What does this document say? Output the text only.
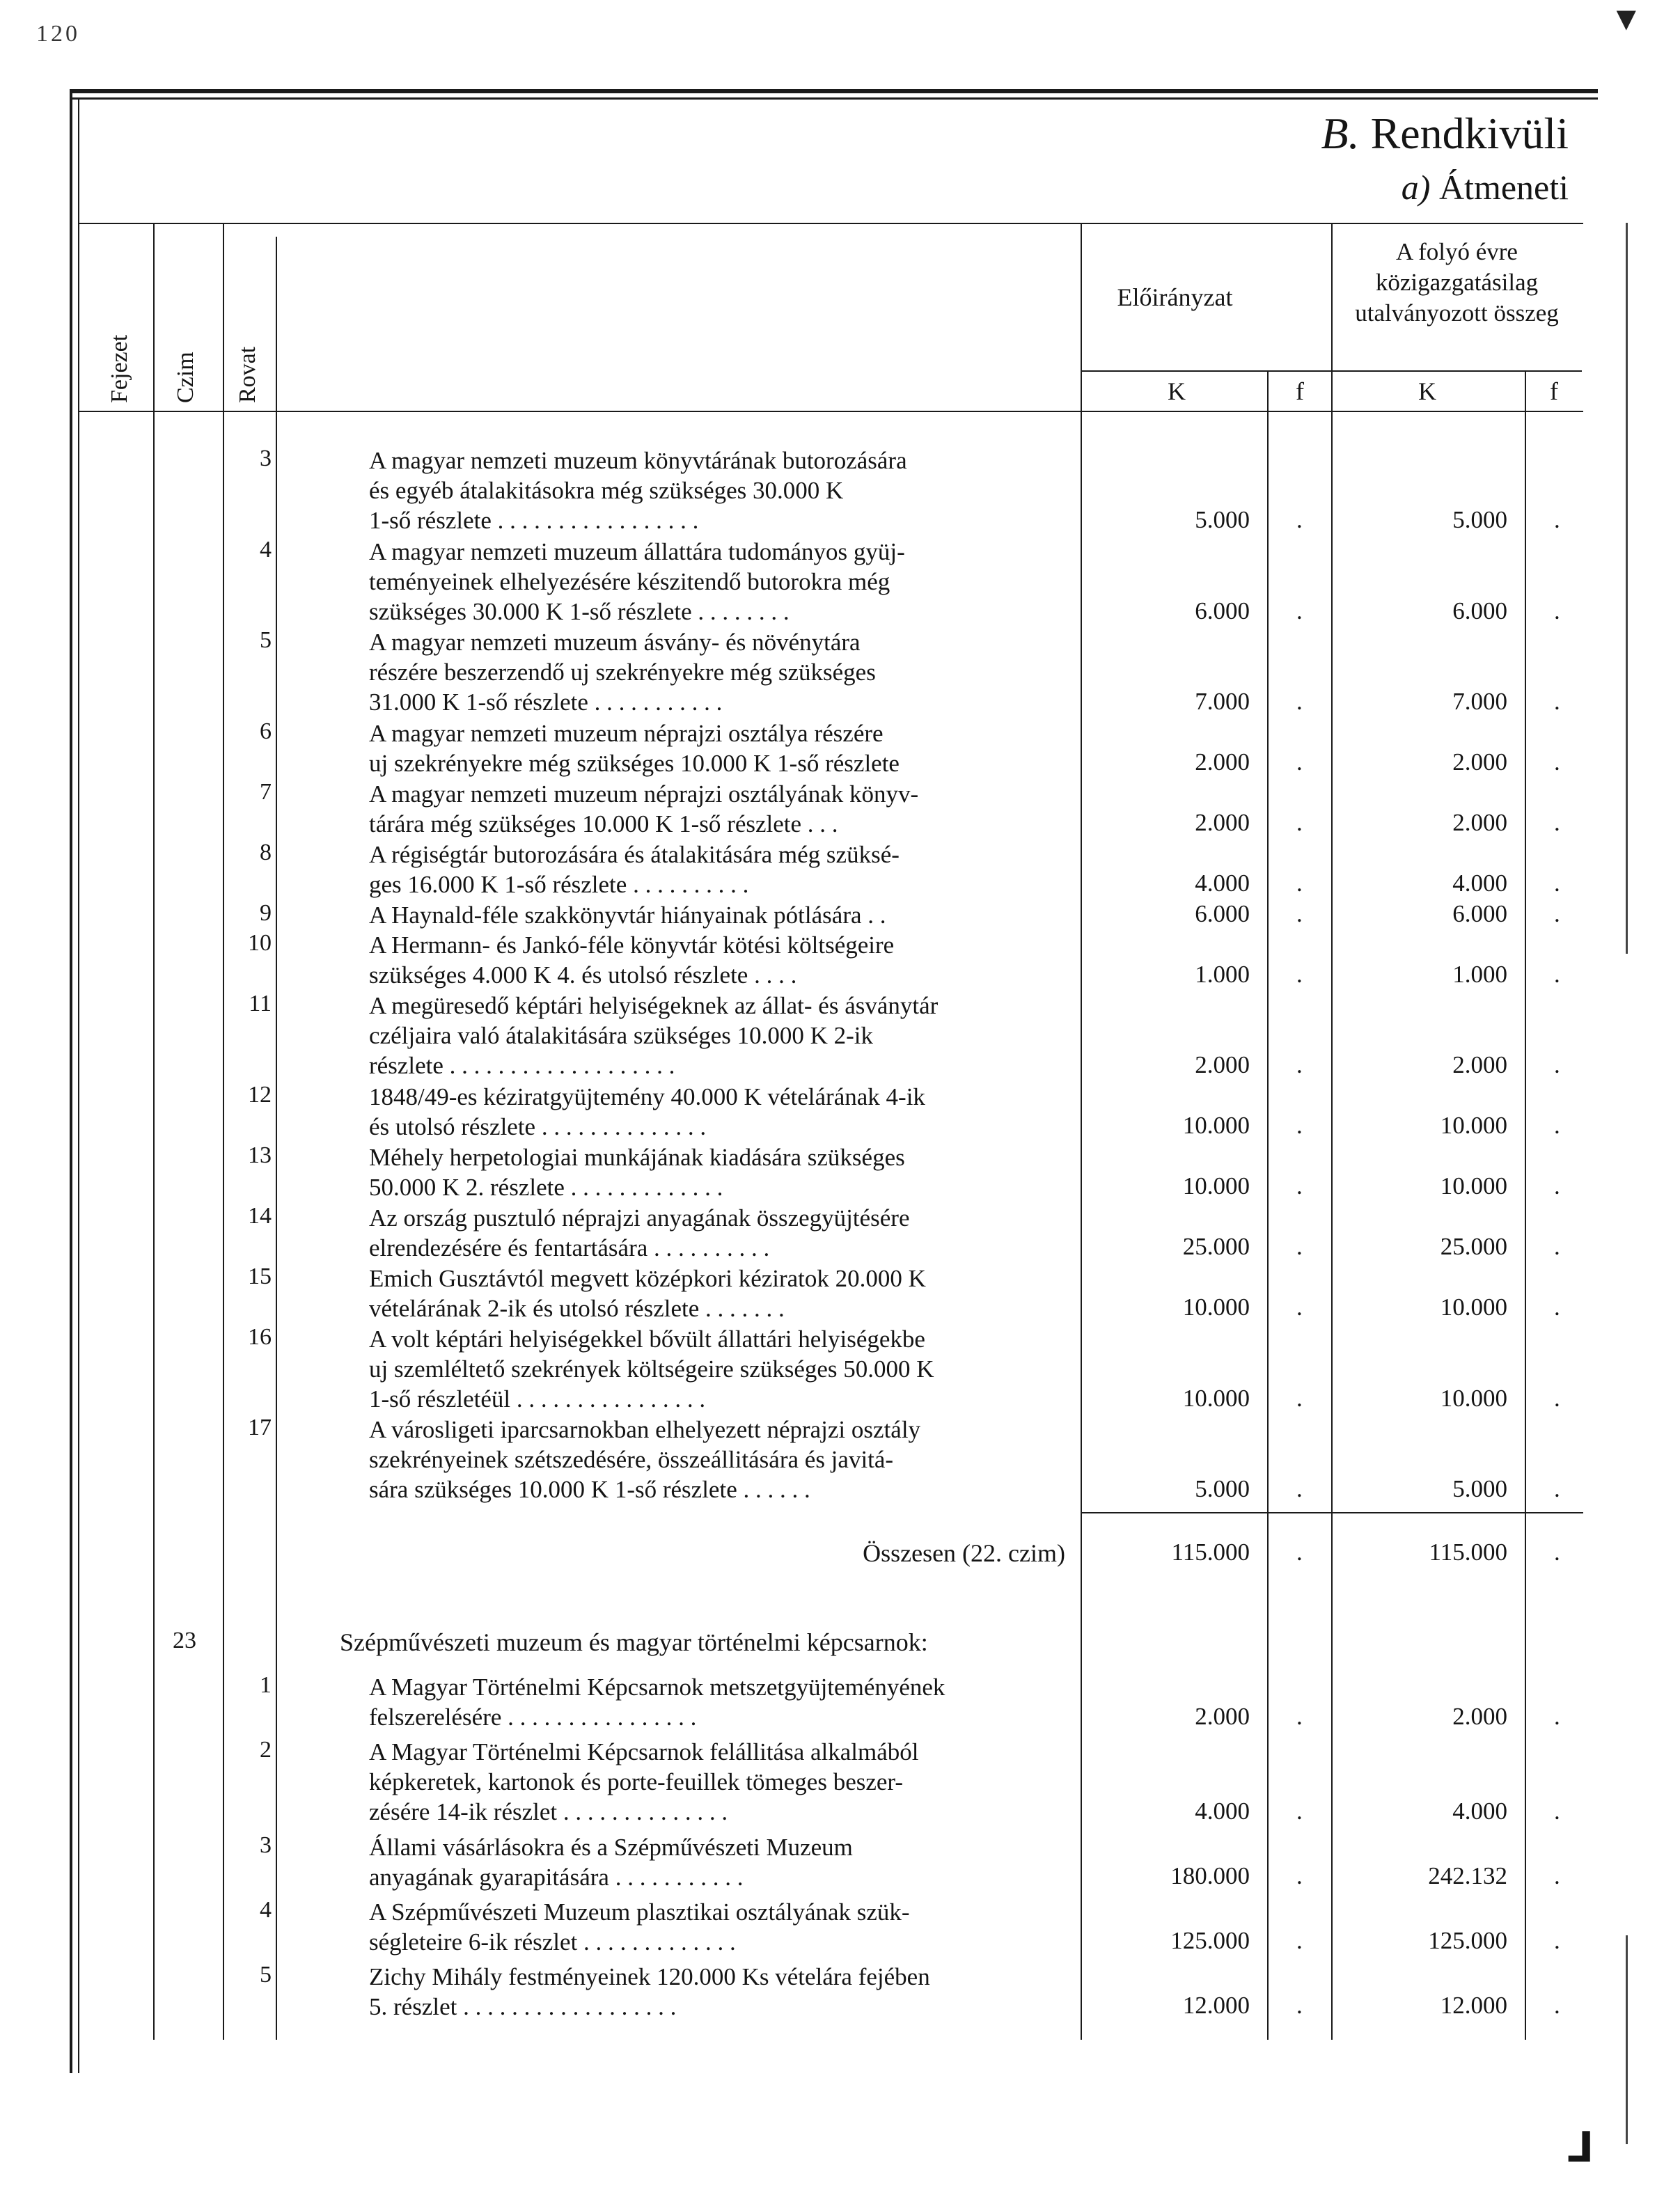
120	▼
B. Rendkivüli
a) Átmeneti
Fejezet Czim Rovat
Előirányzat
A folyó évre közigazgatásilag utalványozott összeg
K	f	K	f
3	A magyar nemzeti muzeum könyvtárának butorozására
és egyéb átalakitásokra még szükséges 30.000 K
1-ső részlete . . . . . . . . . . . . . . . . .	5.000 .	5.000 .
4	A magyar nemzeti muzeum állattára tudományos gyüj-
teményeinek elhelyezésére készitendő butorokra még
szükséges 30.000 K 1-ső részlete . . . . . . . .	6.000 .	6.000 .
5	A magyar nemzeti muzeum ásvány- és növénytára
részére beszerzendő uj szekrényekre még szükséges
31.000 K 1-ső részlete . . . . . . . . . . .	7.000 .	7.000 .
6	A magyar nemzeti muzeum néprajzi osztálya részére
uj szekrényekre még szükséges 10.000 K 1-ső részlete	2.000 .	2.000 .
7	A magyar nemzeti muzeum néprajzi osztályának könyv-
tárára még szükséges 10.000 K 1-ső részlete . . .	2.000 .	2.000 .
8	A régiségtár butorozására és átalakitására még szüksé-
ges 16.000 K 1-ső részlete . . . . . . . . . .	4.000 .	4.000 .
9	A Haynald-féle szakkönyvtár hiányainak pótlására . .	6.000 .	6.000 .
10	A Hermann- és Jankó-féle könyvtár kötési költségeire
szükséges 4.000 K 4. és utolsó részlete . . . .	1.000 .	1.000 .
11	A megüresedő képtári helyiségeknek az állat- és ásványtár
czéljaira való átalakitására szükséges 10.000 K 2-ik
részlete . . . . . . . . . . . . . . . . . . .	2.000 .	2.000 .
12	1848/49-es kéziratgyüjtemény 40.000 K vételárának 4-ik
és utolsó részlete . . . . . . . . . . . . . .	10.000 .	10.000 .
13	Méhely herpetologiai munkájának kiadására szükséges
50.000 K 2. részlete . . . . . . . . . . . . .	10.000 .	10.000 .
14	Az ország pusztuló néprajzi anyagának összegyüjtésére
elrendezésére és fentartására . . . . . . . . . .	25.000 .	25.000 .
15	Emich Gusztávtól megvett középkori kéziratok 20.000 K
vételárának 2-ik és utolsó részlete . . . . . . .	10.000 .	10.000 .
16	A volt képtári helyiségekkel bővült állattári helyiségekbe
uj szemléltető szekrények költségeire szükséges 50.000 K
1-ső részletéül . . . . . . . . . . . . . . . .	10.000 .	10.000 .
17	A városligeti iparcsarnokban elhelyezett néprajzi osztály
szekrényeinek szétszedésére, összeállitására és javitá-
sára szükséges 10.000 K 1-ső részlete . . . . . .	5.000 .	5.000 .
Összesen (22. czim)	115.000 .	115.000 .
23	Szépművészeti muzeum és magyar történelmi képcsarnok:
1	A Magyar Történelmi Képcsarnok metszetgyüjteményének
felszerelésére . . . . . . . . . . . . . . . .	2.000 .	2.000 .
2	A Magyar Történelmi Képcsarnok felállitása alkalmából
képkeretek, kartonok és porte-feuillek tömeges beszer-
zésére 14-ik részlet . . . . . . . . . . . . . .	4.000 .	4.000 .
3	Állami vásárlásokra és a Szépművészeti Muzeum
anyagának gyarapitására . . . . . . . . . . .	180.000 .	242.132 .
4	A Szépművészeti Muzeum plasztikai osztályának szük-
ségleteire 6-ik részlet . . . . . . . . . . . . .	125.000 .	125.000 .
5	Zichy Mihály festményeinek 120.000 Ks vételára fejében
5. részlet . . . . . . . . . . . . . . . . . .	12.000 .	12.000 .
⅃
